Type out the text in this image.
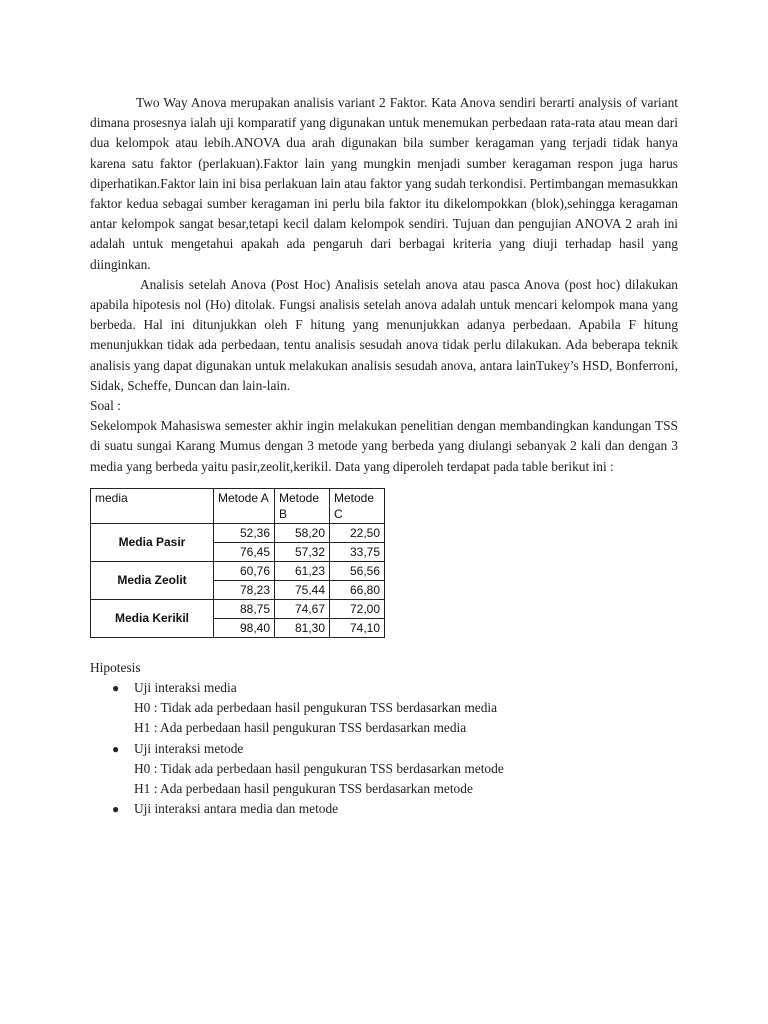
Two Way Anova merupakan analisis variant 2 Faktor. Kata Anova sendiri berarti analysis of variant dimana prosesnya ialah uji komparatif yang digunakan untuk menemukan perbedaan rata-rata atau mean dari dua kelompok atau lebih.ANOVA dua arah digunakan bila sumber keragaman yang terjadi tidak hanya karena satu faktor (perlakuan).Faktor lain yang mungkin menjadi sumber keragaman respon juga harus diperhatikan.Faktor lain ini bisa perlakuan lain atau faktor yang sudah terkondisi. Pertimbangan memasukkan faktor kedua sebagai sumber keragaman ini perlu bila faktor itu dikelompokkan (blok),sehingga keragaman antar kelompok sangat besar,tetapi kecil dalam kelompok sendiri. Tujuan dan pengujian ANOVA 2 arah ini adalah untuk mengetahui apakah ada pengaruh dari berbagai kriteria yang diuji terhadap hasil yang diinginkan.

Analisis setelah Anova (Post Hoc) Analisis setelah anova atau pasca Anova (post hoc) dilakukan apabila hipotesis nol (Ho) ditolak. Fungsi analisis setelah anova adalah untuk mencari kelompok mana yang berbeda. Hal ini ditunjukkan oleh F hitung yang menunjukkan adanya perbedaan. Apabila F hitung menunjukkan tidak ada perbedaan, tentu analisis sesudah anova tidak perlu dilakukan. Ada beberapa teknik analisis yang dapat digunakan untuk melakukan analisis sesudah anova, antara lainTukey’s HSD, Bonferroni, Sidak, Scheffe, Duncan dan lain-lain.

Soal :

Sekelompok Mahasiswa semester akhir ingin melakukan penelitian dengan membandingkan kandungan TSS di suatu sungai Karang Mumus dengan 3 metode yang berbeda yang diulangi sebanyak 2 kali dan dengan 3 media yang berbeda yaitu pasir,zeolit,kerikil. Data yang diperoleh terdapat pada table berikut ini :

media	Metode A	Metode B	Metode C
Media Pasir	52,36	58,20	22,50
	76,45	57,32	33,75
Media Zeolit	60,76	61,23	56,56
	78,23	75,44	66,80
Media Kerikil	88,75	74,67	72,00
	98,40	81,30	74,10

Hipotesis

● Uji interaksi media
H0 : Tidak ada perbedaan hasil pengukuran TSS berdasarkan media
H1 : Ada perbedaan hasil pengukuran TSS berdasarkan media
● Uji interaksi metode
H0 : Tidak ada perbedaan hasil pengukuran TSS berdasarkan metode
H1 : Ada perbedaan hasil pengukuran TSS berdasarkan metode
● Uji interaksi antara media dan metode
